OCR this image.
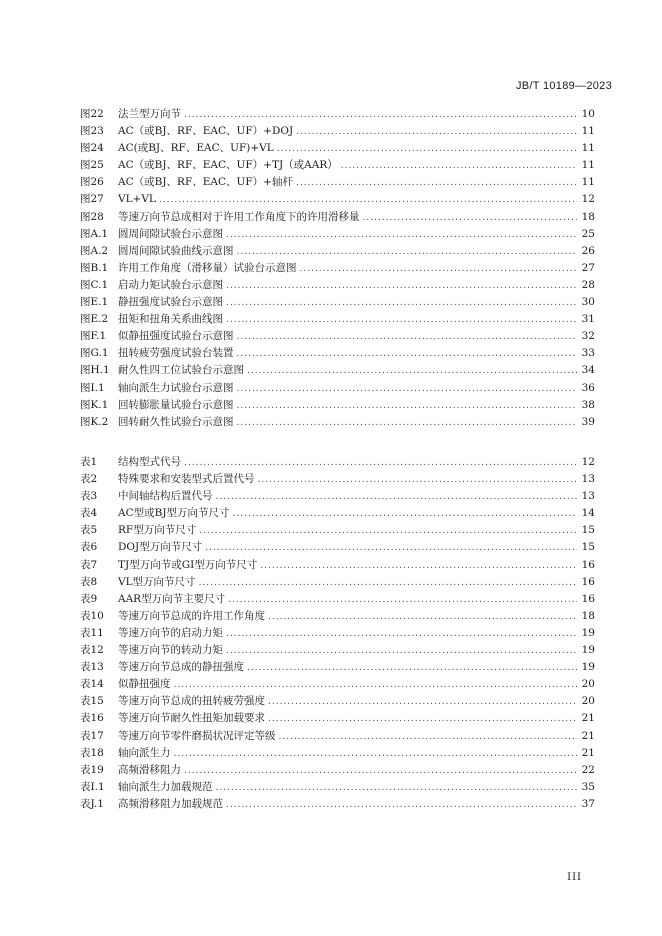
JB/T 10189—2023
图22	法兰型万向节 .....	10
图23	AC（或BJ、RF、EAC、UF）+DOJ .....	11
图24	AC(或BJ、RF、EAC、UF)+VL .....	11
图25	AC（或BJ、RF、EAC、UF）+TJ（或AAR） .....	11
图26	AC（或BJ、RF、EAC、UF）+轴杆 .....	11
图27	VL+VL .....	12
图28	等速万向节总成相对于许用工作角度下的许用滑移量 .....	18
图A.1 圆周间隙试验台示意图 .....	25
图A.2 圆周间隙试验曲线示意图 .....	26
图B.1 许用工作角度（滑移量）试验台示意图 .....	27
图C.1 启动力矩试验台示意图 .....	28
图E.1 静扭强度试验台示意图 .....	30
图E.2 扭矩和扭角关系曲线图 .....	31
图F.1	似静扭强度试验台示意图 .....	32
图G.1 扭转疲劳强度试验台装置 .....	33
图H.1 耐久性四工位试验台示意图 .....	34
图I.1	轴向派生力试验台示意图 .....	36
图K.1 回转膨胀量试验台示意图 .....	38
图K.2 回转耐久性试验台示意图 .....	39
表1	结构型式代号 .....	12
表2	特殊要求和安装型式后置代号 .....	13
表3	中间轴结构后置代号 .....	13
表4	AC型或BJ型万向节尺寸 .....	14
表5	RF型万向节尺寸 .....	15
表6	DOJ型万向节尺寸 .....	15
表7	TJ型万向节或GI型万向节尺寸 .....	16
表8	VL型万向节尺寸 .....	16
表9	AAR型万向节主要尺寸 .....	16
表10	等速万向节总成的许用工作角度 .....	18
表11	等速万向节的启动力矩 .....	19
表12	等速万向节的转动力矩 .....	19
表13	等速万向节总成的静扭强度 .....	19
表14	似静扭强度 .....	20
表15	等速万向节总成的扭转疲劳强度 .....	20
表16	等速万向节耐久性扭矩加载要求 .....	21
表17	等速万向节零件磨损状况评定等级 .....	21
表18	轴向派生力 .....	21
表19	高频滑移阻力 .....	22
表I.1	轴向派生力加载规范 .....	35
表J.1	高频滑移阻力加载规范 .....	37
III
